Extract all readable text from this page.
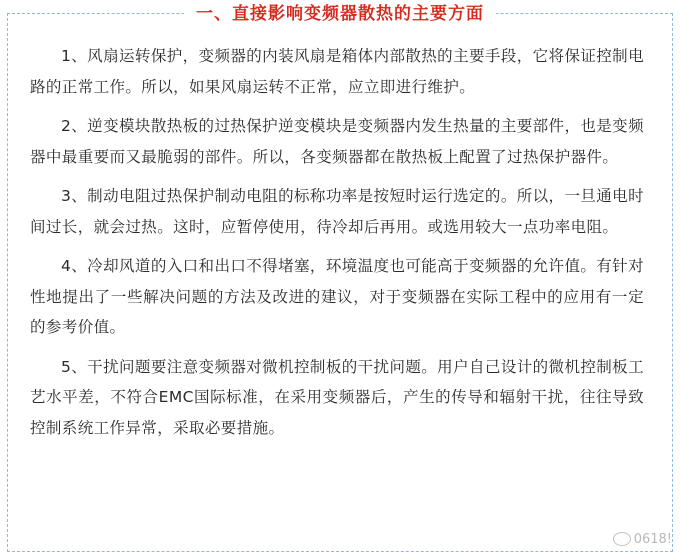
一、直接影响变频器散热的主要方面

1、风扇运转保护，变频器的内装风扇是箱体内部散热的主要手段，它将保证控制电路的正常工作。所以，如果风扇运转不正常，应立即进行维护。

2、逆变模块散热板的过热保护逆变模块是变频器内发生热量的主要部件，也是变频器中最重要而又最脆弱的部件。所以，各变频器都在散热板上配置了过热保护器件。

3、制动电阻过热保护制动电阻的标称功率是按短时运行选定的。所以，一旦通电时间过长，就会过热。这时，应暂停使用，待冷却后再用。或选用较大一点功率电阻。

4、冷却风道的入口和出口不得堵塞，环境温度也可能高于变频器的允许值。有针对性地提出了一些解决问题的方法及改进的建议，对于变频器在实际工程中的应用有一定的参考价值。

5、干扰问题要注意变频器对微机控制板的干扰问题。用户自己设计的微机控制板工艺水平差，不符合EMC国际标准，在采用变频器后，产生的传导和辐射干扰，往往导致控制系统工作异常，采取必要措施。

0618!
